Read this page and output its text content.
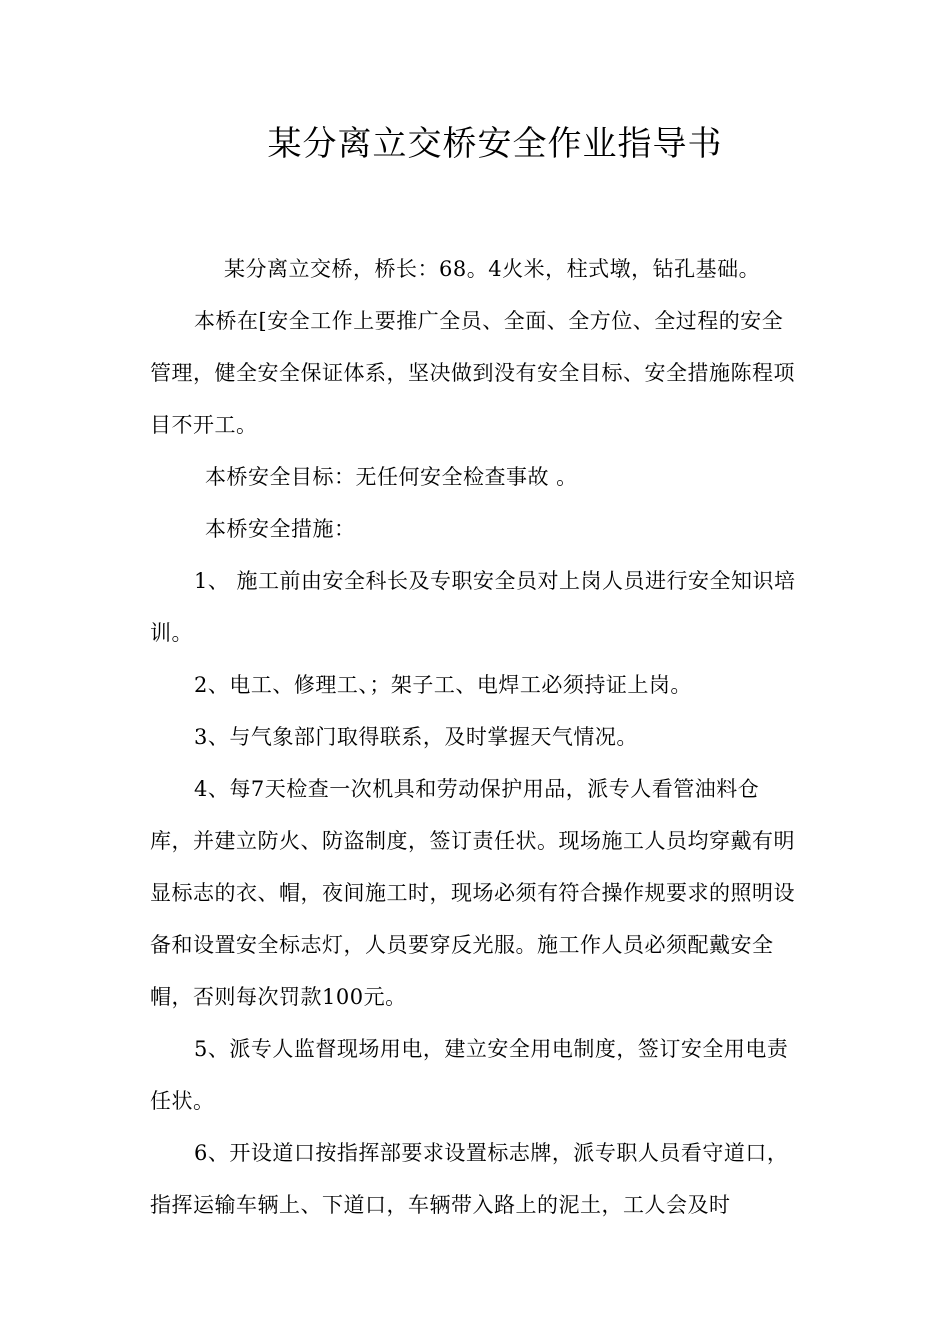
某分离立交桥安全作业指导书

某分离立交桥，桥长：68。4火米，柱式墩，钻孔基础。

本桥在[安全工作上要推广全员、全面、全方位、全过程的安全管理，健全安全保证体系，坚决做到没有安全目标、安全措施陈程项目不开工。

本桥安全目标：无任何安全检查事故 。

本桥安全措施：

1、 施工前由安全科长及专职安全员对上岗人员进行安全知识培训。

2、电工、修理工、；架子工、电焊工必须持证上岗。

3、与气象部门取得联系，及时掌握天气情况。

4、每7天检查一次机具和劳动保护用品，派专人看管油料仓库，并建立防火、防盗制度，签订责任状。现场施工人员均穿戴有明显标志的衣、帽，夜间施工时，现场必须有符合操作规要求的照明设备和设置安全标志灯，人员要穿反光服。施工作人员必须配戴安全帽，否则每次罚款100元。

5、派专人监督现场用电，建立安全用电制度，签订安全用电责任状。

6、开设道口按指挥部要求设置标志牌，派专职人员看守道口，指挥运输车辆上、下道口，车辆带入路上的泥土，工人会及时
